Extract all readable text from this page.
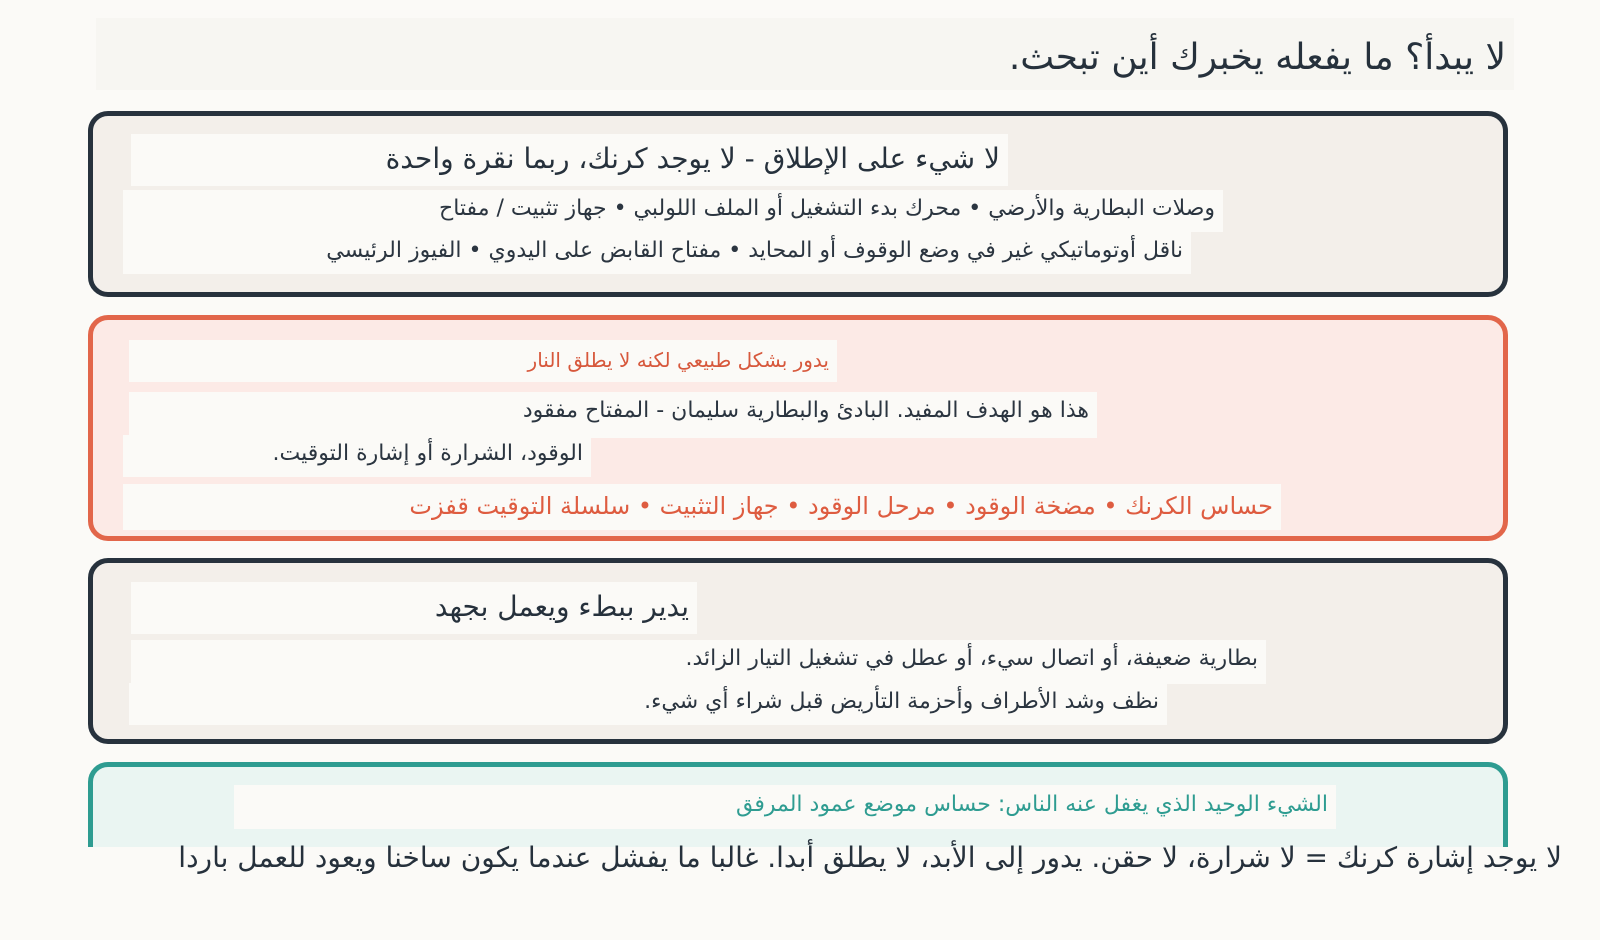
لا يبدأ؟ ما يفعله يخبرك أين تبحث.
لا شيء على الإطلاق - لا يوجد كرنك، ربما نقرة واحدة
وصلات البطارية والأرضي • محرك بدء التشغيل أو الملف اللولبي • جهاز تثبيت / مفتاح
ناقل أوتوماتيكي غير في وضع الوقوف أو المحايد • مفتاح القابض على اليدوي • الفيوز الرئيسي
يدور بشكل طبيعي لكنه لا يطلق النار
هذا هو الهدف المفيد. البادئ والبطارية سليمان - المفتاح مفقود
الوقود، الشرارة أو إشارة التوقيت.
حساس الكرنك • مضخة الوقود • مرحل الوقود • جهاز التثبيت • سلسلة التوقيت قفزت
يدير ببطء ويعمل بجهد
بطارية ضعيفة، أو اتصال سيء، أو عطل في تشغيل التيار الزائد.
نظف وشد الأطراف وأحزمة التأريض قبل شراء أي شيء.
الشيء الوحيد الذي يغفل عنه الناس: حساس موضع عمود المرفق
لا يوجد إشارة كرنك = لا شرارة، لا حقن. يدور إلى الأبد، لا يطلق أبدا. غالبا ما يفشل عندما يكون ساخنا ويعود للعمل باردا
